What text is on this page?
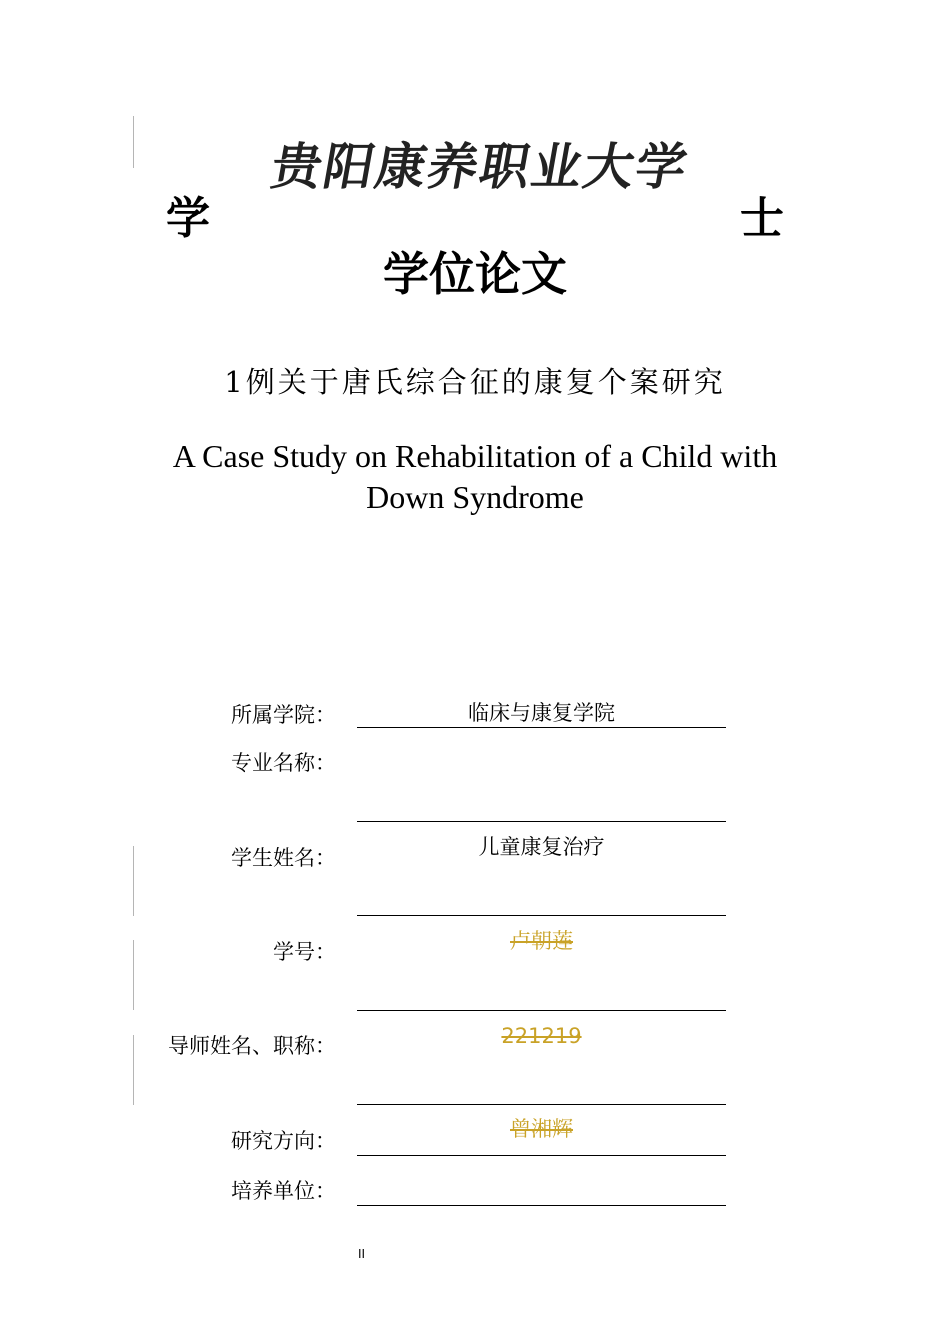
贵阳康养职业大学
学	士
学位论文
1例关于唐氏综合征的康复个案研究
A Case Study on Rehabilitation of a Child with Down Syndrome
所属学院：
专业名称：
学生姓名：
学号：
导师姓名、职称：
研究方向：
培养单位：
临床与康复学院
儿童康复治疗
卢朝莲
221219
曾湘辉
II
